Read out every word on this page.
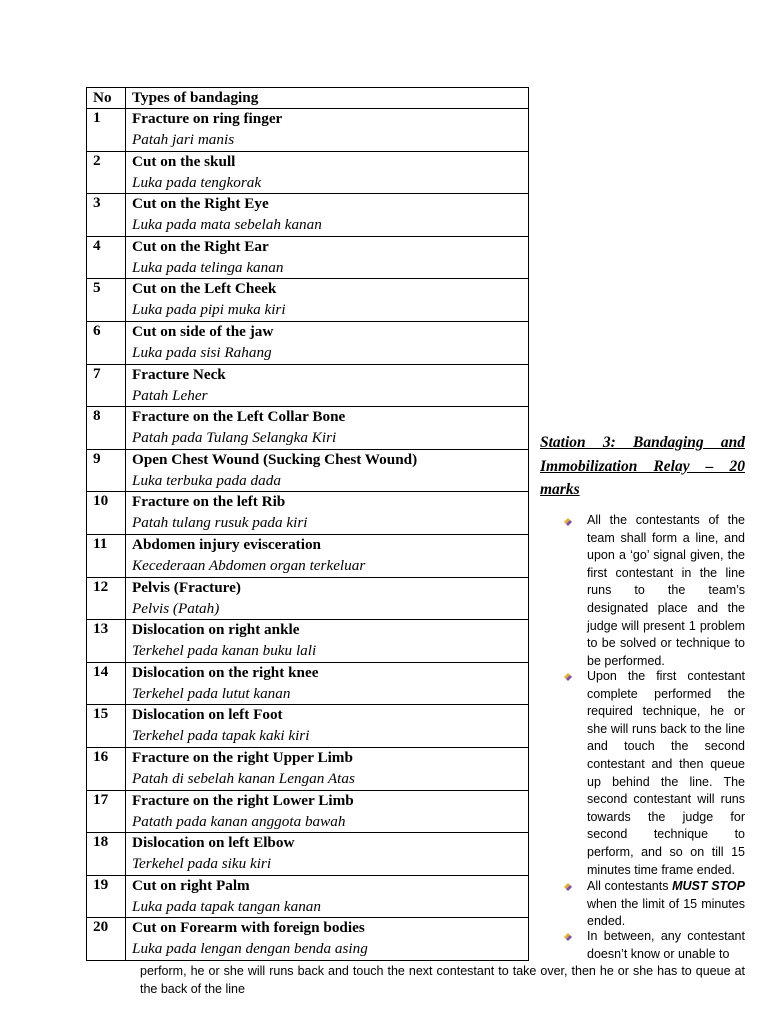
No	Types of bandaging
1	Fracture on ring finger
Patah jari manis

2	Cut on the skull
Luka pada tengkorak

3	Cut on the Right Eye
Luka pada mata sebelah kanan

4	Cut on the Right Ear
Luka pada telinga kanan

5	Cut on the Left Cheek
Luka pada pipi muka kiri

6	Cut on side of the jaw
Luka pada sisi Rahang

7	Fracture Neck
Patah Leher

8	Fracture on the Left Collar Bone
Patah pada Tulang Selangka Kiri

9	Open Chest Wound (Sucking Chest Wound)
Luka terbuka pada dada

10	Fracture on the left Rib
Patah tulang rusuk pada kiri

11	Abdomen injury evisceration
Kecederaan Abdomen organ terkeluar

12	Pelvis (Fracture)
Pelvis (Patah)

13	Dislocation on right ankle
Terkehel pada kanan buku lali

14	Dislocation on the right knee
Terkehel pada lutut kanan

15	Dislocation on left Foot
Terkehel pada tapak kaki kiri

16	Fracture on the right Upper Limb
Patah di sebelah kanan Lengan Atas

17	Fracture on the right Lower Limb
Patath pada kanan anggota bawah

18	Dislocation on left Elbow
Terkehel pada siku kiri

19	Cut on right Palm
Luka pada tapak tangan kanan

20	Cut on Forearm with foreign bodies
Luka pada lengan dengan benda asing
Station 3: Bandaging and Immobilization Relay – 20 marks

All the contestants of the team shall form a line, and upon a ‘go’ signal given, the first contestant in the line runs to the team’s designated place and the judge will present 1 problem to be solved or technique to be performed.

Upon the first contestant complete performed the required technique, he or she will runs back to the line and touch the second contestant and then queue up behind the line. The second contestant will runs towards the judge for second technique to perform, and so on till 15 minutes time frame ended.

All contestants MUST STOP when the limit of 15 minutes ended.

In between, any contestant doesn’t know or unable to

perform, he or she will runs back and touch the next contestant to take over, then he or she has to queue at
the back of the line
